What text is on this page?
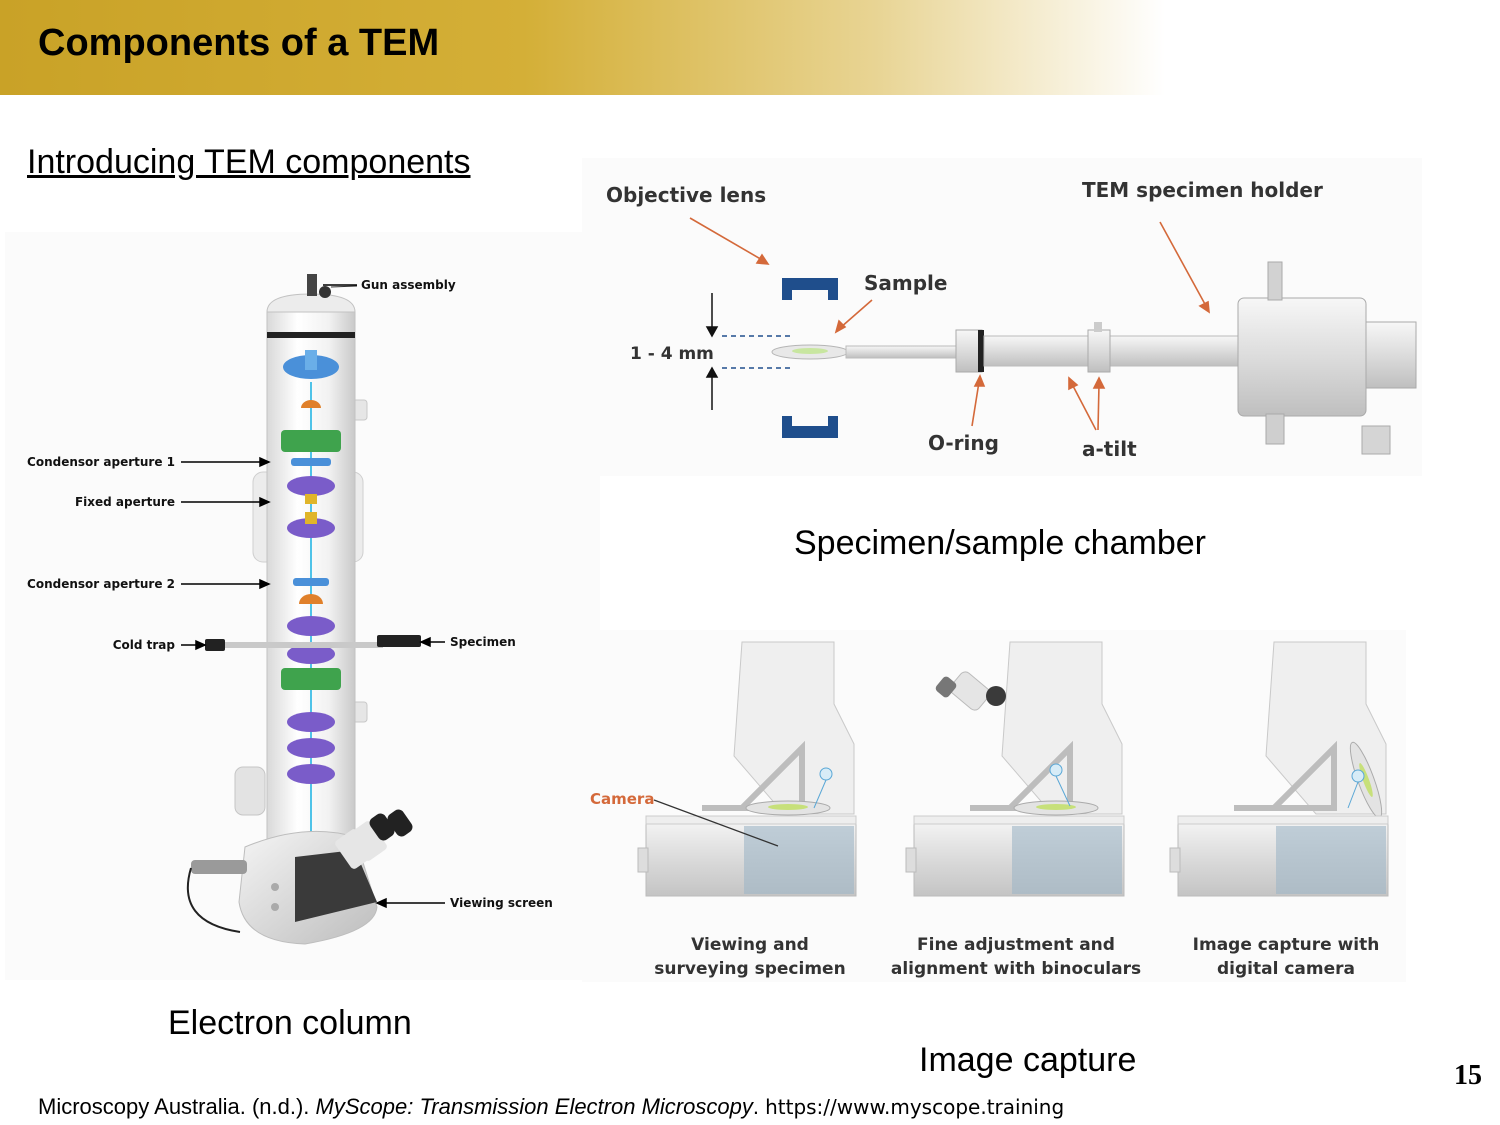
Components of a TEM
Introducing TEM components
Gun assembly
Condensor aperture 1
Fixed aperture
Condensor aperture 2
Cold trap	Specimen
Viewing screen
Electron column
Objective lens
Sample
TEM specimen holder
1 - 4 mm
O-ring	a-tilt
Specimen/sample chamber
Camera
Viewing and
surveying specimen
Fine adjustment and
alignment with binoculars
Image capture with
digital camera
Image capture	15
Microscopy Australia. (n.d.). MyScope: Transmission Electron Microscopy. https://www.myscope.training
